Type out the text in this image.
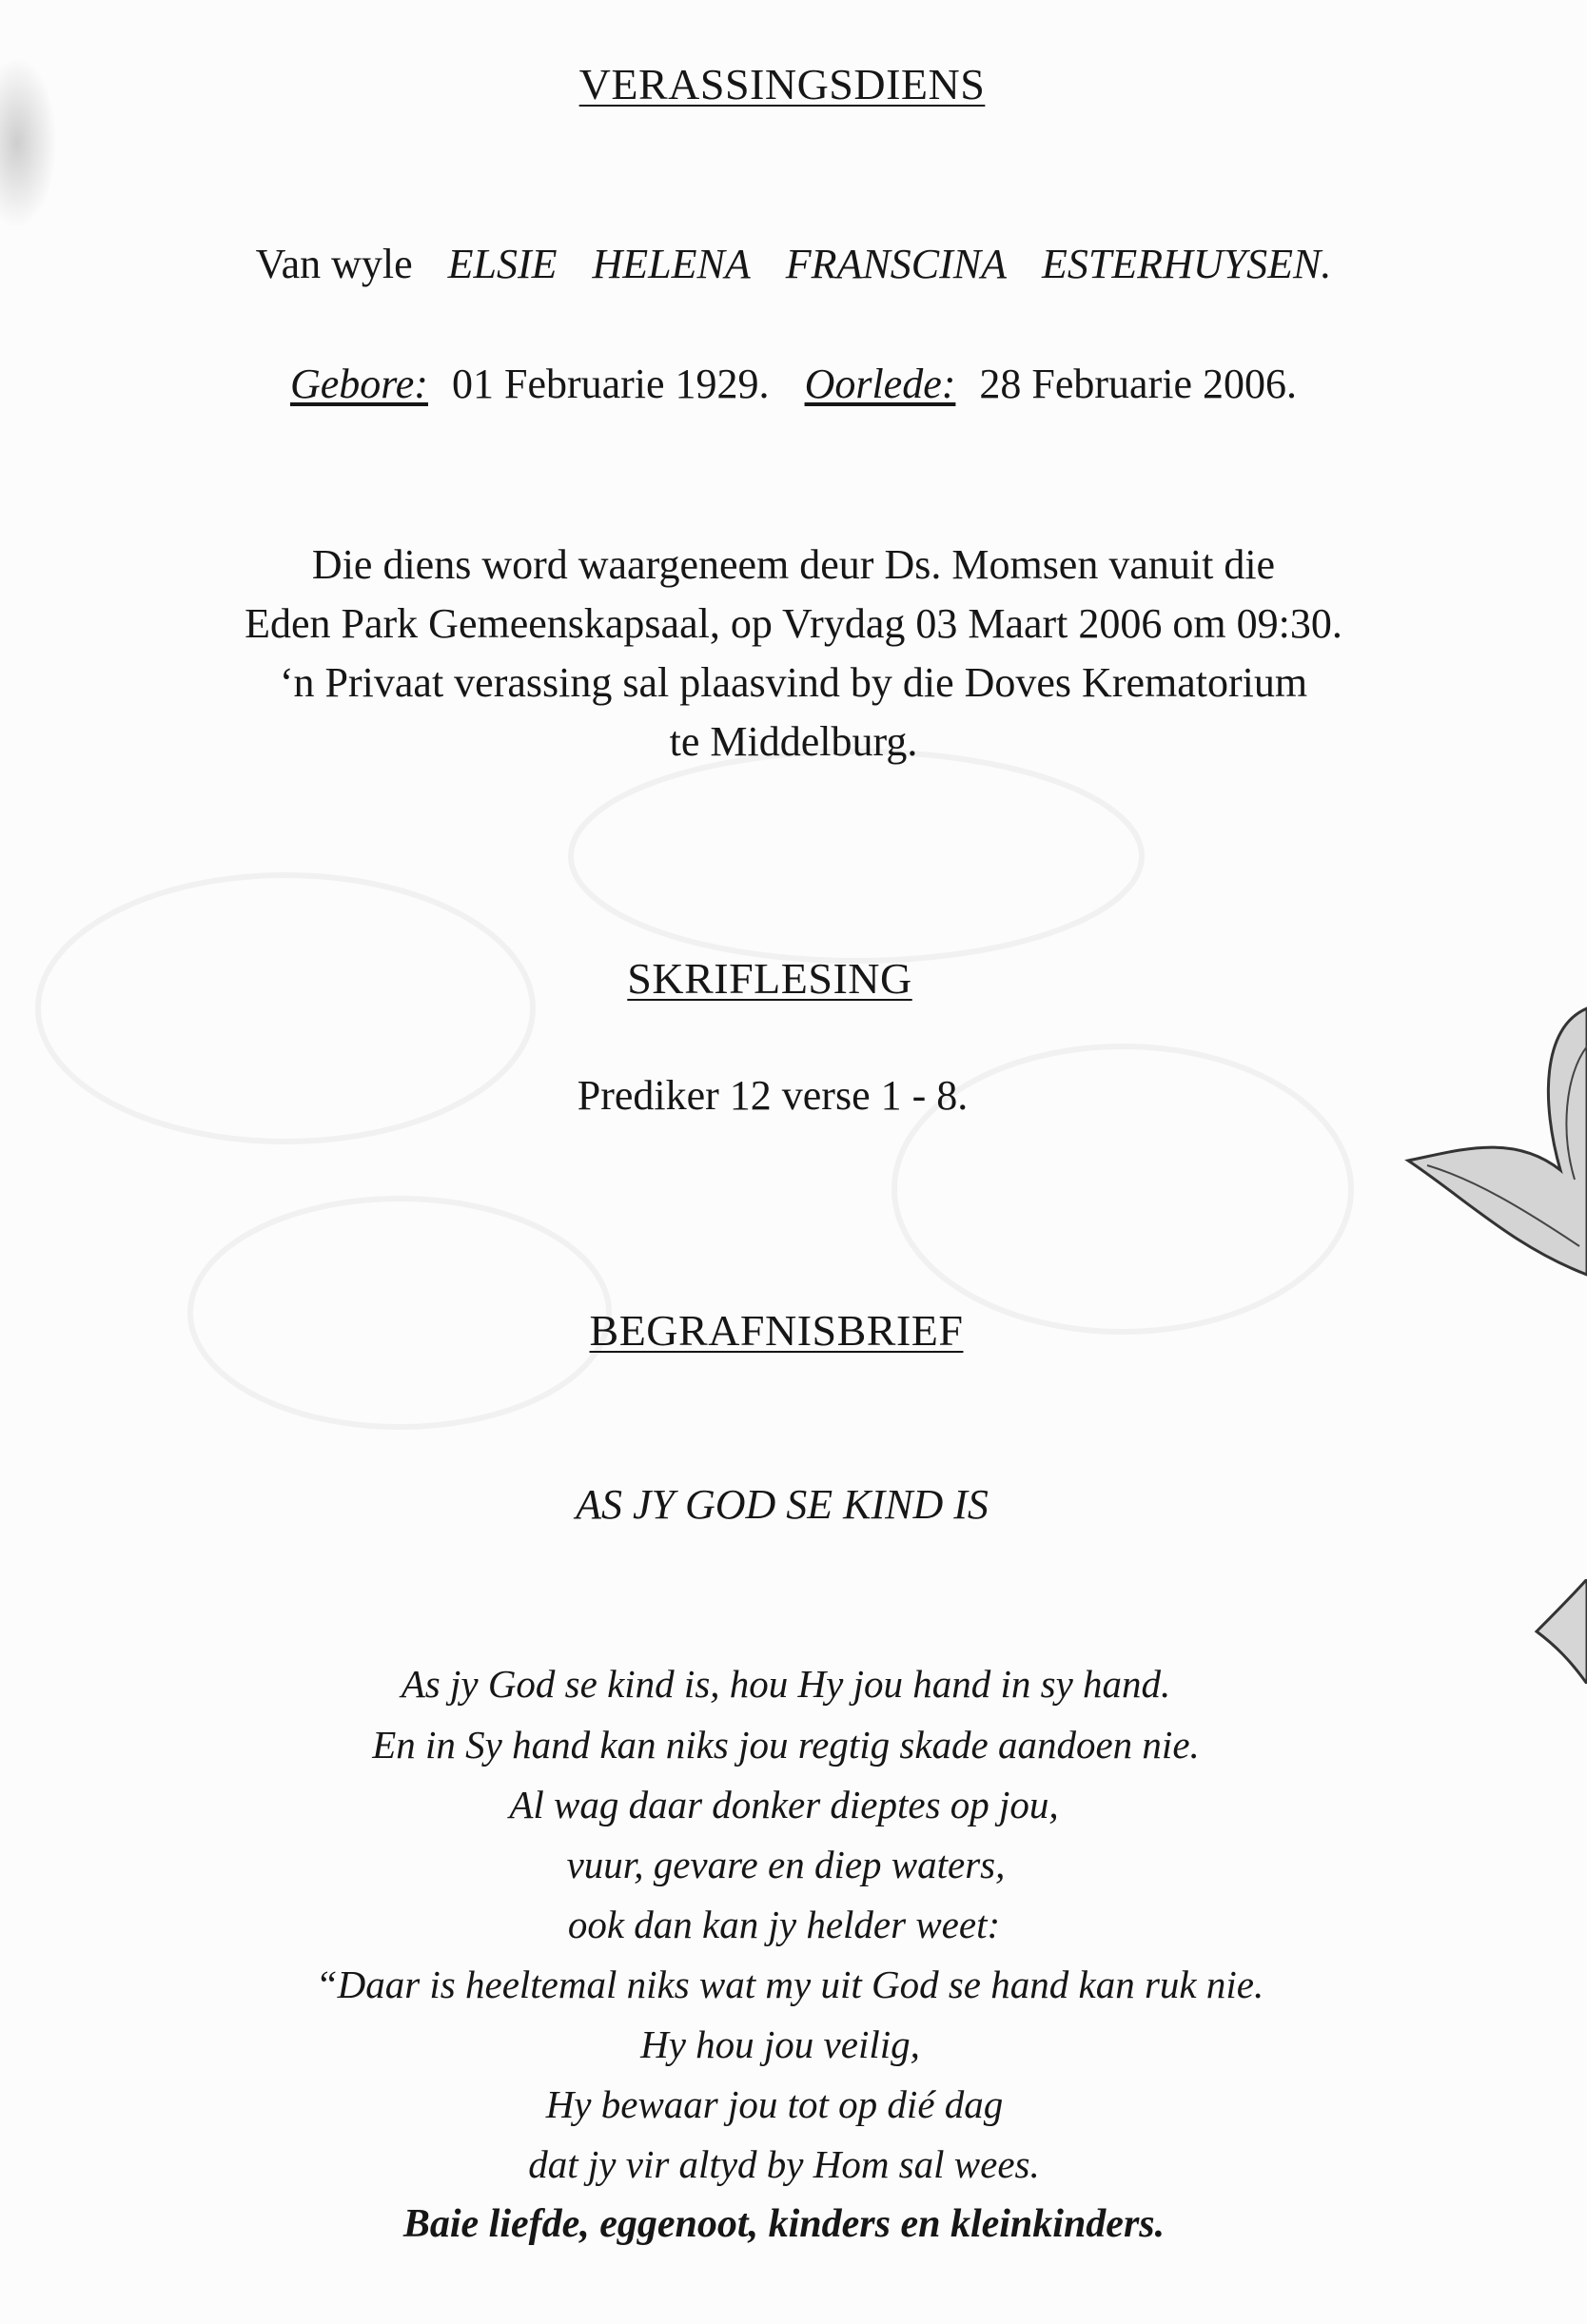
VERASSINGSDIENS
Van wyle ELSIE HELENA FRANSCINA ESTERHUYSEN.
Gebore: 01 Februarie 1929. Oorlede: 28 Februarie 2006.
Die diens word waargeneem deur Ds. Momsen vanuit die
Eden Park Gemeenskapsaal, op Vrydag 03 Maart 2006 om 09:30.
‘n Privaat verassing sal plaasvind by die Doves Krematorium
te Middelburg.
SKRIFLESING
Prediker 12 verse 1 - 8.
BEGRAFNISBRIEF
AS JY GOD SE KIND IS
As jy God se kind is, hou Hy jou hand in sy hand.
En in Sy hand kan niks jou regtig skade aandoen nie.
Al wag daar donker dieptes op jou,
vuur, gevare en diep waters,
ook dan kan jy helder weet:
“Daar is heeltemal niks wat my uit God se hand kan ruk nie.
Hy hou jou veilig,
Hy bewaar jou tot op dié dag
dat jy vir altyd by Hom sal wees.
Baie liefde, eggenoot, kinders en kleinkinders.
